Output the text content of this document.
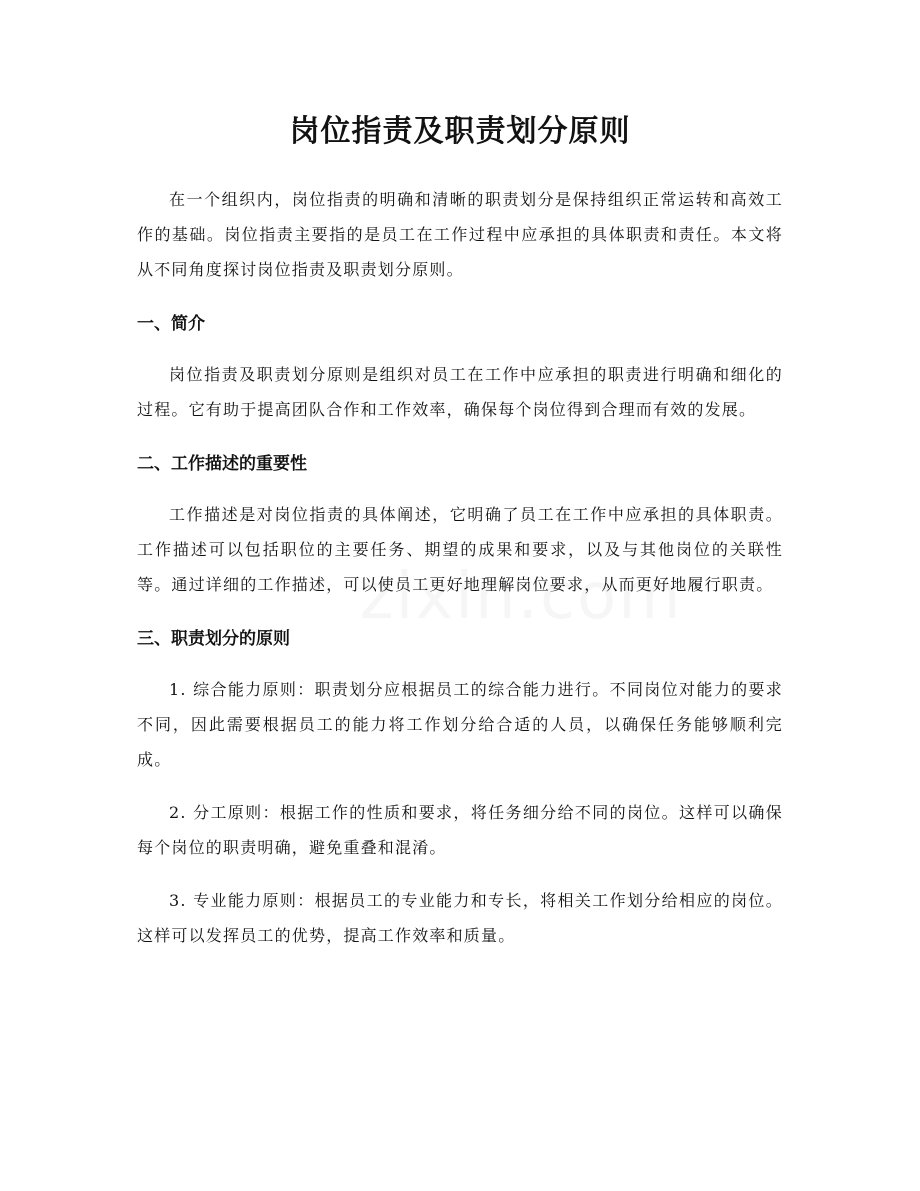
岗位指责及职责划分原则

在一个组织内，岗位指责的明确和清晰的职责划分是保持组织正常运转和高效工作的基础。岗位指责主要指的是员工在工作过程中应承担的具体职责和责任。本文将从不同角度探讨岗位指责及职责划分原则。

一、简介

岗位指责及职责划分原则是组织对员工在工作中应承担的职责进行明确和细化的过程。它有助于提高团队合作和工作效率，确保每个岗位得到合理而有效的发展。

二、工作描述的重要性

工作描述是对岗位指责的具体阐述，它明确了员工在工作中应承担的具体职责。工作描述可以包括职位的主要任务、期望的成果和要求，以及与其他岗位的关联性等。通过详细的工作描述，可以使员工更好地理解岗位要求，从而更好地履行职责。

三、职责划分的原则

1. 综合能力原则：职责划分应根据员工的综合能力进行。不同岗位对能力的要求不同，因此需要根据员工的能力将工作划分给合适的人员，以确保任务能够顺利完成。

2. 分工原则：根据工作的性质和要求，将任务细分给不同的岗位。这样可以确保每个岗位的职责明确，避免重叠和混淆。

3. 专业能力原则：根据员工的专业能力和专长，将相关工作划分给相应的岗位。这样可以发挥员工的优势，提高工作效率和质量。
